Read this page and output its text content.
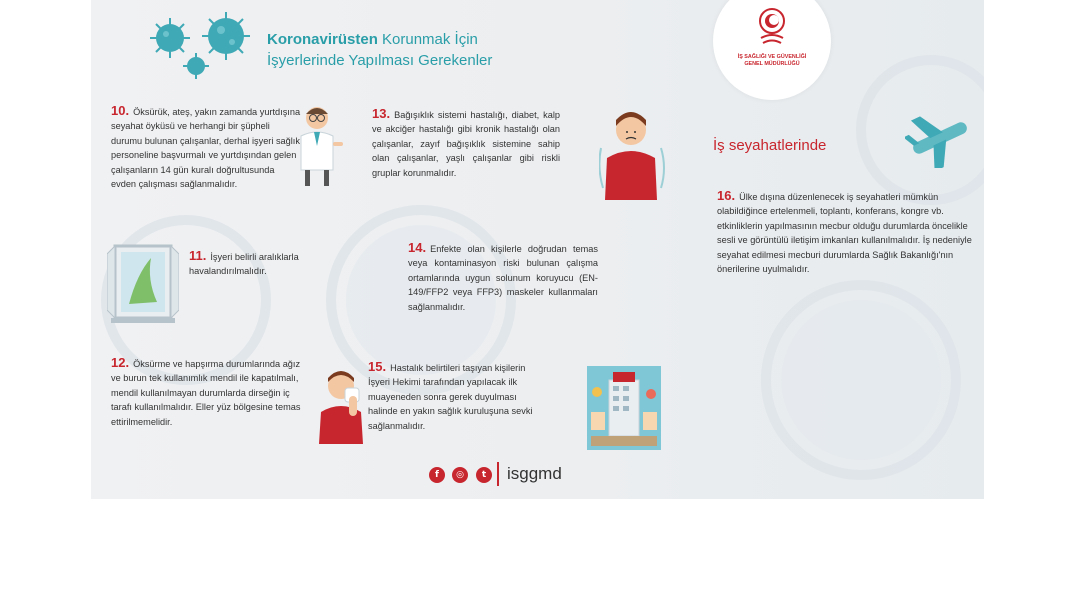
Koronavirüsten Korunmak İçin
İşyerlerinde Yapılması Gerekenler	İŞ SAĞLIĞI VE GÜVENLİĞİ
GENEL MÜDÜRLÜĞÜ
10. Öksürük, ateş, yakın zamanda yurtdışına seyahat öyküsü ve herhangi bir şüpheli durumu bulunan çalışanlar, derhal işyeri sağlık personeline başvurmalı ve yurtdışından gelen çalışanların 14 gün kuralı doğrultusunda evden çalışması sağlanmalıdır.
11. İşyeri belirli aralıklarla havalandırılmalıdır.
12. Öksürme ve hapşırma durumlarında ağız ve burun tek kullanımlık mendil ile kapatılmalı, mendil kullanılmayan durumlarda dirseğin iç tarafı kullanılmalıdır. Eller yüz bölgesine temas ettirilmemelidir.
13. Bağışıklık sistemi hastalığı, diabet, kalp ve akciğer hastalığı gibi kronik hastalığı olan çalışanlar, zayıf bağışıklık sistemine sahip olan çalışanlar, yaşlı çalışanlar gibi riskli gruplar korunmalıdır.
14. Enfekte olan kişilerle doğrudan temas veya kontaminasyon riski bulunan çalışma ortamlarında uygun solunum koruyucu (EN-149/FFP2 veya FFP3) maskeler kullanmaları sağlanmalıdır.
15. Hastalık belirtileri taşıyan kişilerin İşyeri Hekimi tarafından yapılacak ilk muayeneden sonra gerek duyulması halinde en yakın sağlık kuruluşuna sevki sağlanmalıdır.
İş seyahatlerinde
16. Ülke dışına düzenlenecek iş seyahatleri mümkün olabildiğince ertelenmeli, toplantı, konferans, kongre vb. etkinliklerin yapılmasının mecbur olduğu durumlarda öncelikle sesli ve görüntülü iletişim imkanları kullanılmalıdır. İş nedeniyle seyahat edilmesi mecburi durumlarda Sağlık Bakanlığı'nın önerilerine uyulmalıdır.
f	◎	t	isggmd
